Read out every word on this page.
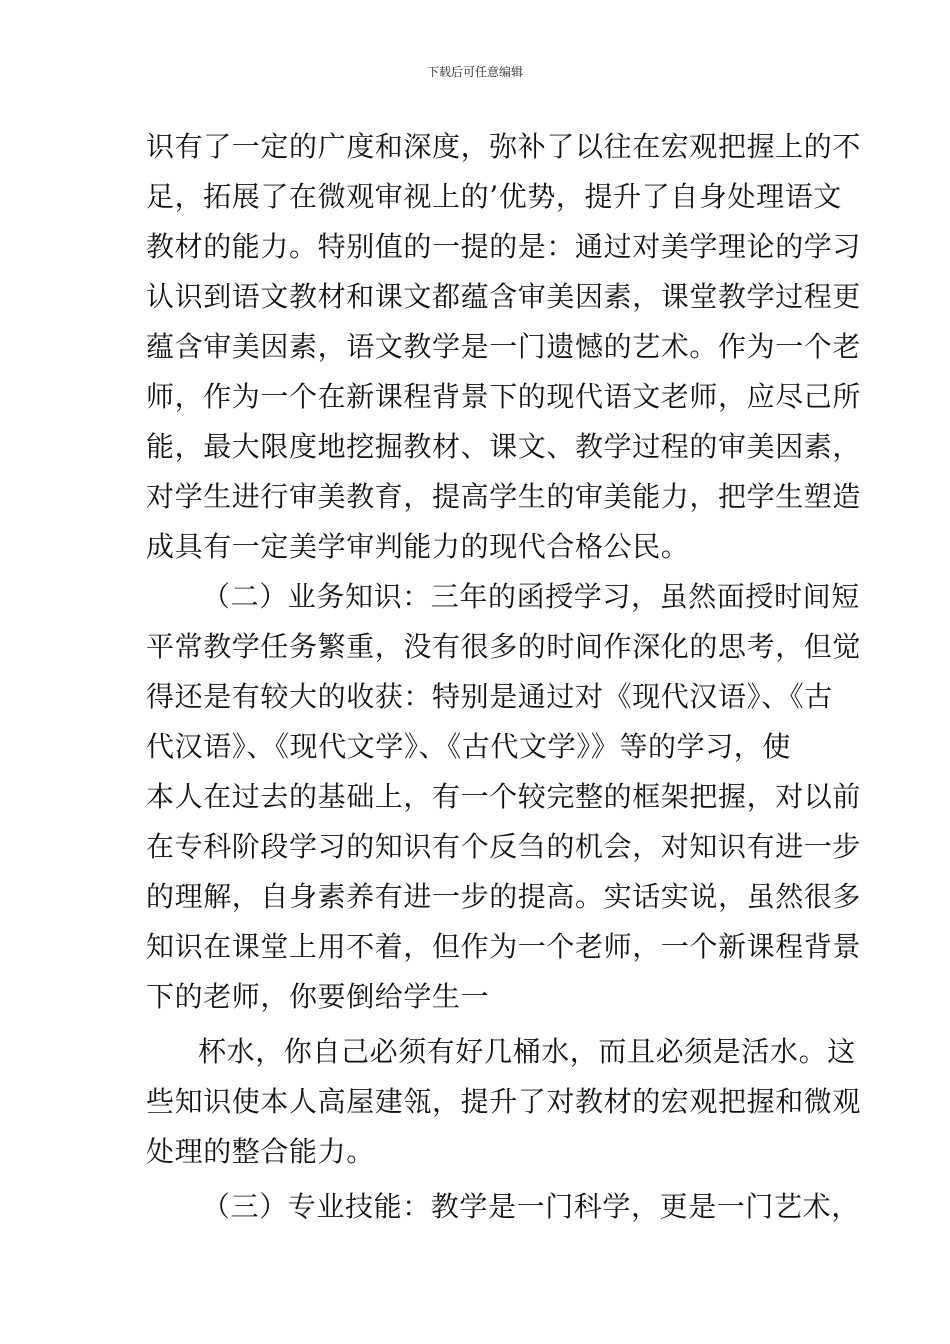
下载后可任意编辑
识有了一定的广度和深度，弥补了以往在宏观把握上的不
足，拓展了在微观审视上的’优势，提升了自身处理语文
教材的能力。特别值的一提的是：通过对美学理论的学习
认识到语文教材和课文都蕴含审美因素，课堂教学过程更
蕴含审美因素，语文教学是一门遗憾的艺术。作为一个老
师，作为一个在新课程背景下的现代语文老师，应尽己所
能，最大限度地挖掘教材、课文、教学过程的审美因素，
对学生进行审美教育，提高学生的审美能力，把学生塑造
成具有一定美学审判能力的现代合格公民。
（二）业务知识：三年的函授学习，虽然面授时间短
平常教学任务繁重，没有很多的时间作深化的思考，但觉
得还是有较大的收获：特别是通过对《现代汉语》、《古
代汉语》、《现代文学》、《古代文学》》等的学习，使
本人在过去的基础上，有一个较完整的框架把握，对以前
在专科阶段学习的知识有个反刍的机会，对知识有进一步
的理解，自身素养有进一步的提高。实话实说，虽然很多
知识在课堂上用不着，但作为一个老师，一个新课程背景
下的老师，你要倒给学生一
杯水，你自己必须有好几桶水，而且必须是活水。这
些知识使本人高屋建瓴，提升了对教材的宏观把握和微观
处理的整合能力。
（三）专业技能：教学是一门科学，更是一门艺术，
